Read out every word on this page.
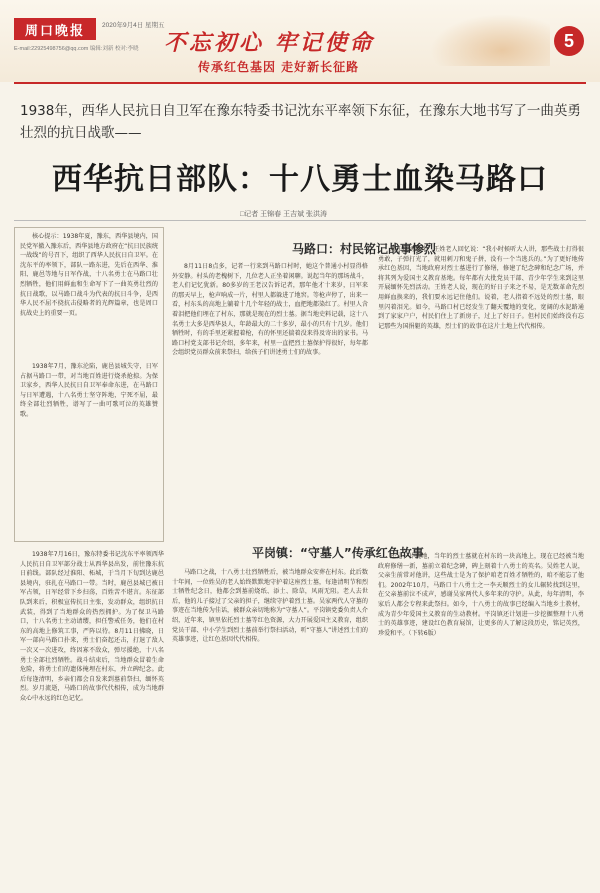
周口晚报	2020年9月4日 星期五
E-mail:22925498756@qq.com 编辑:刘新 校对:李晓 不忘初心 牢记使命
传承红色基因 走好新长征路
5
1938年，西华人民抗日自卫军在豫东特委书记沈东平率领下东征，在豫东大地书写了一曲英勇壮烈的抗日战歌——
西华抗日部队：十八勇士血染马路口
□记者 王锦春 王吉斌 张洪涛

核心提示：1938年夏，豫东，西华县境内，国民党军撤入豫东后，西华县地方政府在“抗日民族统一战线”的号召下，组织了西华人民抗日自卫军。在沈东平的率领下，部队一路东进，先后在西华、淮阳、鹿邑等地与日军作战，十八名勇士在马路口壮烈牺牲，他们用鲜血和生命写下了一曲英勇壮烈的抗日战歌，以马路口战斗为代表的抗日斗争，是西华人民不屈不挠抗击侵略者的光辉篇章，也是周口抗战史上的重要一页。

1938年7月，豫东沦陷，鹿邑县城失守，日军占据马路口一带，对当地百姓进行烧杀抢掠。为保卫家乡，西华人民抗日自卫军奉命东进，在马路口与日军遭遇，十八名勇士坚守阵地，宁死不屈，最终全部壮烈牺牲，谱写了一曲可歌可泣的英雄赞歌。

1938年7月16日，豫东特委书记沈东平率领西华人民抗日自卫军部分战士从西华县出发，前往豫东抗日前线。部队经过淮阳、柘城，于当月下旬到达鹿邑县境内，驻扎在马路口一带。当时，鹿邑县城已被日军占领，日军经常下乡扫荡，百姓苦不堪言。东征部队到来后，积极宣传抗日主张，发动群众，组织抗日武装，得到了当地群众的热烈拥护。为了保卫马路口，十八名勇士主动请缨，担任警戒任务，他们在村东的高地上修筑工事，严阵以待。8月11日拂晓，日军一部向马路口扑来，勇士们奋起还击，打退了敌人一次又一次进攻，终因寡不敌众，弹尽援绝，十八名勇士全部壮烈牺牲。战斗结束后，当地群众冒着生命危险，将勇士们的遗体掩埋在村东，并立碑纪念。此后每逢清明，乡亲们都会自发来到墓前祭扫，缅怀英烈。岁月流逝，马路口的故事代代相传，成为当地群众心中永远的红色记忆。

马路口：村民铭记战事惨烈

8月11日8点多，记者一行来到马路口村时，她这个普通小村显得格外安静。村头的老槐树下，几位老人正坐着闲聊。说起当年的那场战斗，老人们记忆犹新。80多岁的王老汉告诉记者，那年他才十来岁，日军来的那天早上，枪声响成一片，村里人都躲进了地窖。等枪声停了，出来一看，村东头的高地上躺着十几个年轻的战士，血把地都染红了。村里人含着泪把他们埋在了村东，那就是现在的烈士墓。据当地史料记载，这十八名勇士大多是西华县人，年龄最大的二十多岁，最小的只有十几岁。他们牺牲时，有的手里还紧握着枪，有的怀里还揣着没来得及寄出的家书。马路口村党支部书记介绍，多年来，村里一直把烈士墓保护得很好，每年都会组织党员群众前来祭扫，给孩子们讲述勇士们的故事。

对于这场战斗，王姓老人回忆说：“我小时候听大人讲，那些战士打得很勇敢，子弹打光了，就用刺刀和鬼子拼，没有一个当逃兵的。”为了更好地传承红色基因，当地政府对烈士墓进行了修缮，修建了纪念碑和纪念广场，并将其列为爱国主义教育基地。每年都有大批党员干部、青少年学生来到这里开展缅怀先烈活动。王姓老人说，现在的好日子来之不易，是无数革命先烈用鲜血换来的，我们要永远记住他们。说着，老人指着不远处的烈士墓，眼里闪着泪光。如今，马路口村已经发生了翻天覆地的变化，宽阔的水泥路通到了家家户户，村民们住上了新房子，过上了好日子。但村民们始终没有忘记那些为国捐躯的英雄，烈士们的故事在这片土地上代代相传。

平岗镇：“守墓人”传承红色故事

马路口之战，十八勇士壮烈牺牲后，被当地群众安葬在村东。此后数十年间，一位姓吴的老人始终默默地守护着这座烈士墓，每逢清明节和烈士牺牲纪念日，他都会到墓前烧纸、添土、除草，风雨无阻。老人去世后，他的儿子接过了父亲的担子，继续守护着烈士墓。吴家两代人守墓的事迹在当地传为佳话，被群众亲切地称为“守墓人”。平岗镇党委负责人介绍，近年来，镇里依托烈士墓等红色资源，大力开展爱国主义教育，组织党员干部、中小学生到烈士墓前举行祭扫活动，听“守墓人”讲述烈士们的英雄事迹，让红色基因代代相传。

还是一片荒地，当年的烈士墓就在村东的一块高地上，现在已经被当地政府修缮一新，墓前立着纪念碑，碑上刻着十八勇士的英名。吴姓老人说，父亲生前常对他讲，这些战士是为了保护咱老百姓才牺牲的，咱不能忘了他们。2002年10月，马路口十八勇士之一李天顺烈士的女儿辗转找到这里，在父亲墓前泣不成声，感谢吴家两代人多年来的守护。从此，每年清明，李家后人都会专程来此祭扫。如今，十八勇士的故事已经编入当地乡土教材，成为青少年爱国主义教育的生动教材。平岗镇还计划进一步挖掘整理十八勇士的英雄事迹，建设红色教育展馆，让更多的人了解这段历史，铭记英烈，珍爱和平。（下转6版）
